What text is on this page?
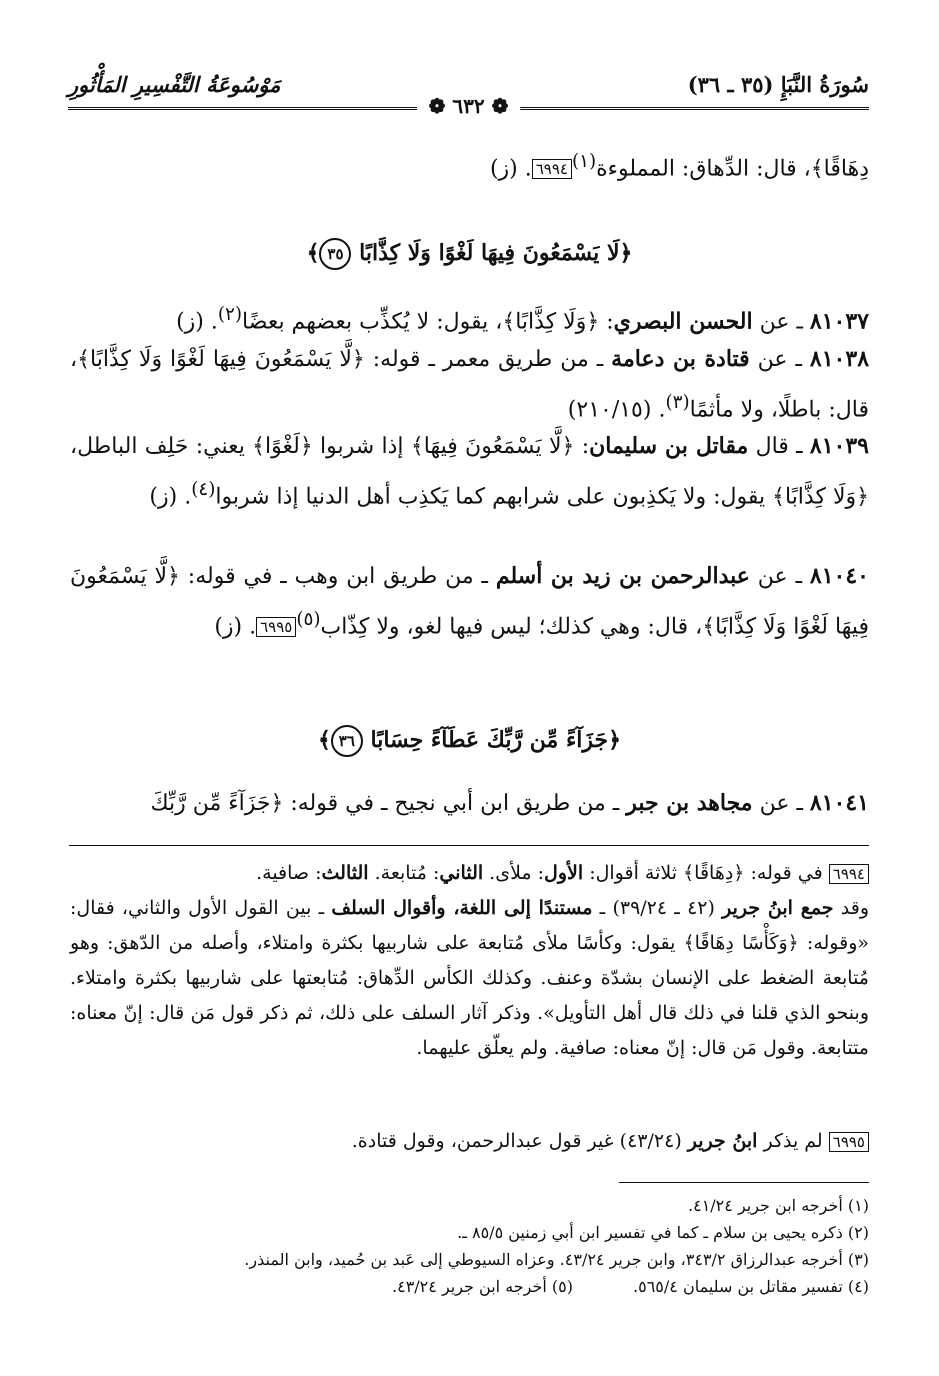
سُورَةُ النَّبَإِ (٣٥ ـ ٣٦)
مَوْسُوعَةُ التَّفْسِيرِ المَأْثُورِ
❁ ٦٣٢ ❁
دِهَاقًا﴾، قال: الدِّهاق: المملوءة$^{(١)}$٦٩٩٤. (ز)
﴿لَا يَسْمَعُونَ فِيهَا لَغْوًا وَلَا كِذَّابًا ٣٥﴾
٨١٠٣٧ ـ عن الحسن البصري: ﴿وَلَا كِذَّابًا﴾، يقول: لا يُكذِّب بعضهم بعضًا$^{(٢)}$. (ز)
٨١٠٣٨ ـ عن قتادة بن دعامة ـ من طريق معمر ـ قوله: ﴿لَّا يَسْمَعُونَ فِيهَا لَغْوًا وَلَا كِذَّابًا﴾، قال: باطلًا، ولا مأثمًا$^{(٣)}$. (٢١٠/١٥)
٨١٠٣٩ ـ قال مقاتل بن سليمان: ﴿لَّا يَسْمَعُونَ فِيهَا﴾ إذا شربوا ﴿لَغْوًا﴾ يعني: حَلِف الباطل، ﴿وَلَا كِذَّابًا﴾ يقول: ولا يَكذِبون على شرابهم كما يَكذِب أهل الدنيا إذا شربوا$^{(٤)}$. (ز)
٨١٠٤٠ ـ عن عبدالرحمن بن زيد بن أسلم ـ من طريق ابن وهب ـ في قوله: ﴿لَّا يَسْمَعُونَ فِيهَا لَغْوًا وَلَا كِذَّابًا﴾، قال: وهي كذلك؛ ليس فيها لغو، ولا كِذّاب$^{(٥)}$٦٩٩٥. (ز)
﴿جَزَآءً مِّن رَّبِّكَ عَطَآءً حِسَابًا ٣٦﴾
٨١٠٤١ ـ عن مجاهد بن جبر ـ من طريق ابن أبي نجيح ـ في قوله: ﴿جَزَآءً مِّن رَّبِّكَ
٦٩٩٤ في قوله: ﴿دِهَاقًا﴾ ثلاثة أقوال: الأول: ملأى. الثاني: مُتابعة. الثالث: صافية.
وقد جمع ابنُ جرير (٤٢ ـ ٣٩/٢٤) ـ مستندًا إلى اللغة، وأقوال السلف ـ بين القول الأول والثاني، فقال: «وقوله: ﴿وَكَأْسًا دِهَاقًا﴾ يقول: وكأسًا ملأى مُتابعة على شاربيها بكثرة وامتلاء، وأصله من الدّهق: وهو مُتابعة الضغط على الإنسان بشدّة وعنف. وكذلك الكأس الدِّهاق: مُتابعتها على شاربيها بكثرة وامتلاء. وبنحو الذي قلنا في ذلك قال أهل التأويل». وذكر آثار السلف على ذلك، ثم ذكر قول مَن قال: إنّ معناه: متتابعة. وقول مَن قال: إنّ معناه: صافية. ولم يعلّق عليهما.
٦٩٩٥ لم يذكر ابنُ جرير (٤٣/٢٤) غير قول عبدالرحمن، وقول قتادة.
(١) أخرجه ابن جرير ٤١/٢٤.
(٢) ذكره يحيى بن سلام ـ كما في تفسير ابن أبي زمنين ٨٥/٥ ـ.
(٣) أخرجه عبدالرزاق ٣٤٣/٢، وابن جرير ٤٣/٢٤. وعزاه السيوطي إلى عَبد بن حُميد، وابن المنذر.
(٤) تفسير مقاتل بن سليمان ٥٦٥/٤.
(٥) أخرجه ابن جرير ٤٣/٢٤.
